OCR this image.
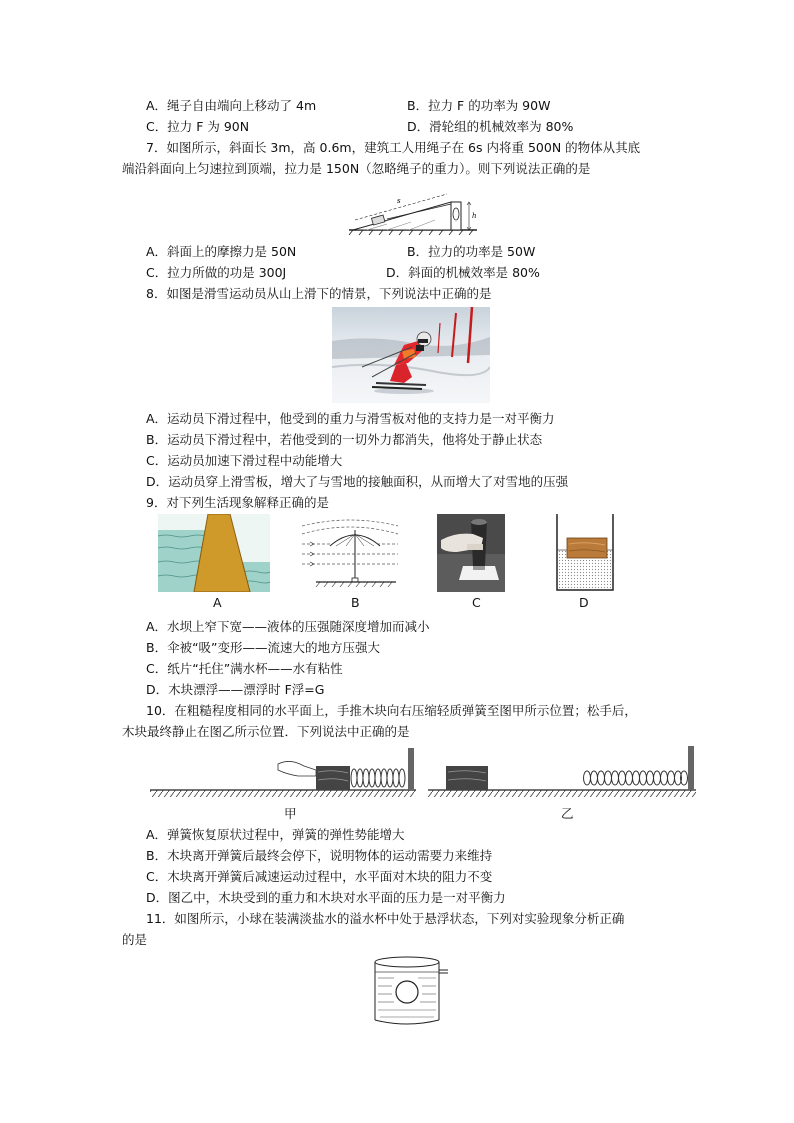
A．绳子自由端向上移动了 4m	B．拉力 F 的功率为 90W
C．拉力 F 为 90N	D．滑轮组的机械效率为 80%
7．如图所示，斜面长 3m，高 0.6m，建筑工人用绳子在 6s 内将重 500N 的物体从其底
端沿斜面向上匀速拉到顶端，拉力是 150N（忽略绳子的重力）。则下列说法正确的是
s
h
A．斜面上的摩擦力是 50N	B．拉力的功率是 50W
C．拉力所做的功是 300J	D．斜面的机械效率是 80%
8．如图是滑雪运动员从山上滑下的情景，下列说法中正确的是
A．运动员下滑过程中，他受到的重力与滑雪板对他的支持力是一对平衡力
B．运动员下滑过程中，若他受到的一切外力都消失，他将处于静止状态
C．运动员加速下滑过程中动能增大
D．运动员穿上滑雪板，增大了与雪地的接触面积，从而增大了对雪地的压强
9．对下列生活现象解释正确的是
A	B	C	D
A．水坝上窄下宽——液体的压强随深度增加而减小
B．伞被“吸”变形——流速大的地方压强大
C．纸片“托住”满水杯——水有粘性
D．木块漂浮——漂浮时 F浮=G
10．在粗糙程度相同的水平面上，手推木块向右压缩轻质弹簧至图甲所示位置；松手后，
木块最终静止在图乙所示位置．下列说法中正确的是
甲	乙
A．弹簧恢复原状过程中，弹簧的弹性势能增大
B．木块离开弹簧后最终会停下，说明物体的运动需要力来维持
C．木块离开弹簧后减速运动过程中，水平面对木块的阻力不变
D．图乙中，木块受到的重力和木块对水平面的压力是一对平衡力
11．如图所示，小球在装满淡盐水的溢水杯中处于悬浮状态，下列对实验现象分析正确
的是
